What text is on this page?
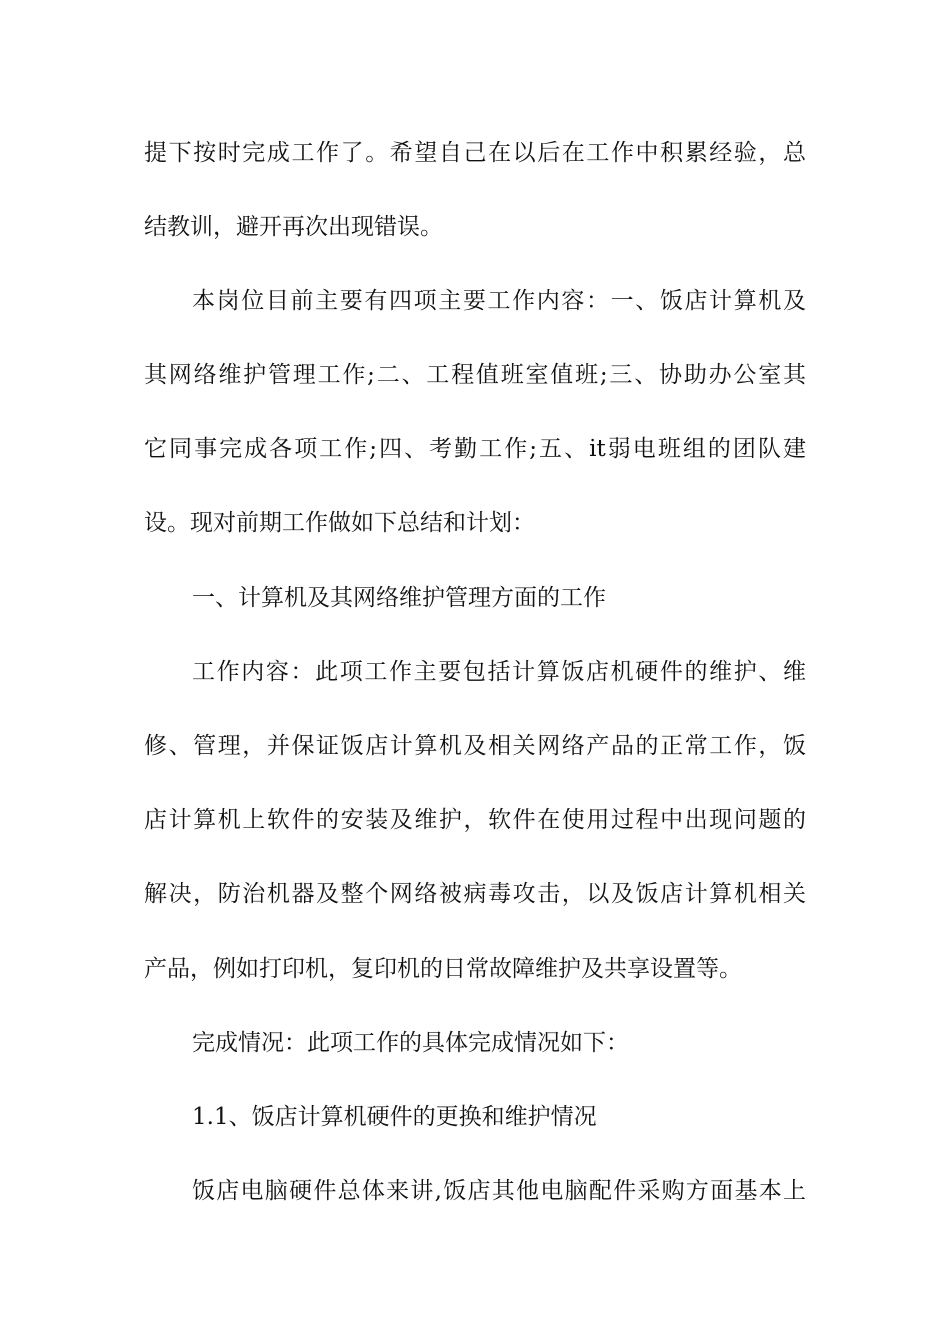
提下按时完成工作了。希望自己在以后在工作中积累经验，总
结教训，避开再次出现错误。
本岗位目前主要有四项主要工作内容：一、饭店计算机及
其网络维护管理工作;二、工程值班室值班;三、协助办公室其
它同事完成各项工作;四、考勤工作;五、it弱电班组的团队建
设。现对前期工作做如下总结和计划：
一、计算机及其网络维护管理方面的工作
工作内容：此项工作主要包括计算饭店机硬件的维护、维
修、管理，并保证饭店计算机及相关网络产品的正常工作，饭
店计算机上软件的安装及维护，软件在使用过程中出现问题的
解决，防治机器及整个网络被病毒攻击，以及饭店计算机相关
产品，例如打印机，复印机的日常故障维护及共享设置等。
完成情况：此项工作的具体完成情况如下：
1.1、饭店计算机硬件的更换和维护情况
饭店电脑硬件总体来讲,饭店其他电脑配件采购方面基本上
